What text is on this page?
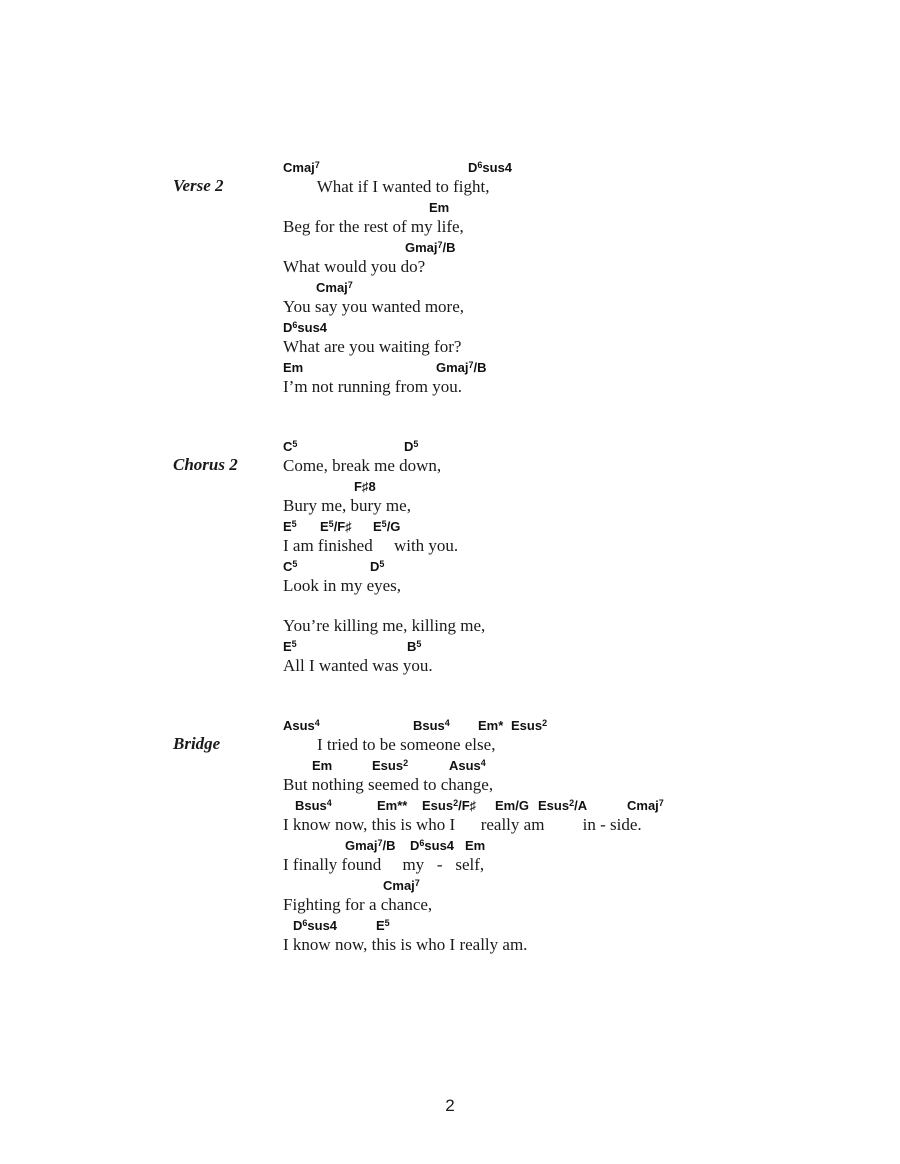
Verse 2
Chorus 2
Bridge
Cmaj$^7$	$D^6sus4$
What if I wanted to fight,
Em
Beg for the rest of my life,
Gmaj$^7$/B
What would you do?
Cmaj$^7$
You say you wanted more,
$D^6sus4$
What are you waiting for?
Em	Gmaj$^7$/B
I’m not running from you.
$C^5$	$D^5$
Come, break me down,
F♯8
Bury me, bury me,
$E^5$ $E^5/F♯$ $E^5/G$
I am finished     with you.
$C^5$	$D^5$
Look in my eyes,
You’re killing me, killing me,
$E^5$	$B^5$
All I wanted was you.
Asus$^4$	Bsus$^4$ Em* Esus$^2$
I tried to be someone else,
Em	Esus$^2$	Asus$^4$
But nothing seemed to change,
Bsus$^4$	Em** Esus$^2$/F♯ Em/G Esus$^2$/A	Cmaj$^7$
I know now, this is who I      really am         in - side.
Gmaj$^7$/B $D^6sus4$ Em
I finally found     my   -   self,
Cmaj$^7$
Fighting for a chance,
$D^6sus4$	$E^5$
I know now, this is who I really am.
2
